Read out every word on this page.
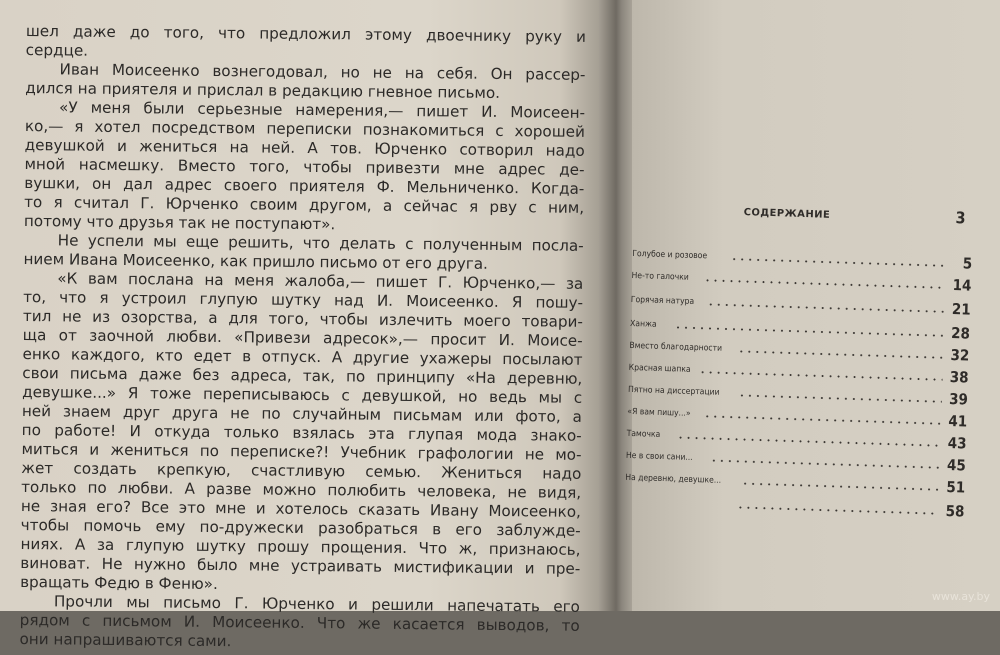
шел даже до того, что предложил этому двоечнику руку и
сердце.
Иван Моисеенко вознегодовал, но не на себя. Он рассер-
дился на приятеля и прислал в редакцию гневное письмо.
«У меня были серьезные намерения,— пишет И. Моисеен-
ко,— я хотел посредством переписки познакомиться с хорошей
девушкой и жениться на ней. А тов. Юрченко сотворил надо
мной насмешку. Вместо того, чтобы привезти мне адрес де-
вушки, он дал адрес своего приятеля Ф. Мельниченко. Когда-
то я считал Г. Юрченко своим другом, а сейчас я рву с ним,
потому что друзья так не поступают».
Не успели мы еще решить, что делать с полученным посла-
нием Ивана Моисеенко, как пришло письмо от его друга.
«К вам послана на меня жалоба,— пишет Г. Юрченко,— за
то, что я устроил глупую шутку над И. Моисеенко. Я пошу-
тил не из озорства, а для того, чтобы излечить моего товари-
ща от заочной любви. «Привези адресок»,— просит И. Моисе-
енко каждого, кто едет в отпуск. А другие ухажеры посылают
свои письма даже без адреса, так, по принципу «На деревню,
девушке...» Я тоже переписываюсь с девушкой, но ведь мы с
ней знаем друг друга не по случайным письмам или фото, а
по работе! И откуда только взялась эта глупая мода знако-
миться и жениться по переписке?! Учебник графологии не мо-
жет создать крепкую, счастливую семью. Жениться надо
только по любви. А разве можно полюбить человека, не видя,
не зная его? Все это мне и хотелось сказать Ивану Моисеенко,
чтобы помочь ему по-дружески разобраться в его заблужде-
ниях. А за глупую шутку прошу прощения. Что ж, признаюсь,
виноват. Не нужно было мне устраивать мистификации и пре-
вращать Федю в Феню».
Прочли мы письмо Г. Юрченко и решили напечатать его
рядом с письмом И. Моисеенко. Что же касается выводов, то
они напрашиваются сами.
СОДЕРЖАНИЕ	3
Голубое и розовое	5
Не-то галочки	14
Горячая натура	21
Ханжа	28
Вместо благодарности	32
Красная шапка	38
Пятно на диссертации	39
«Я вам пишу...»	41
Тамочка	43
Не в свои сани...	45
На деревню, девушке...	51
58
www.ay.by
